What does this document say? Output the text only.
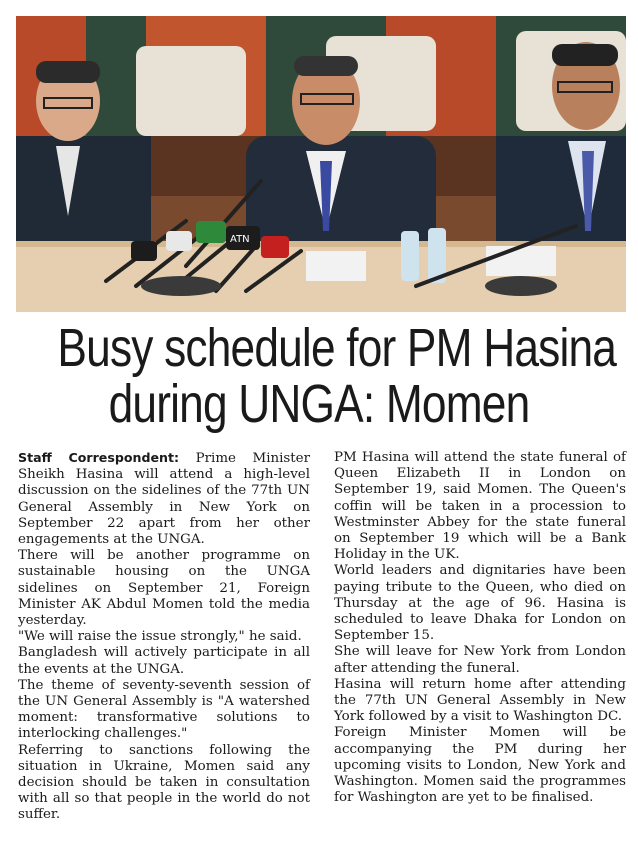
ATN
Busy schedule for PM Hasina
during UNGA: Momen

Staff Correspondent: Prime Minister Sheikh Hasina will attend a high-level discussion on the sidelines of the 77th UN General Assembly in New York on September 22 apart from her other engagements at the UNGA.

There will be another programme on sustainable housing on the UNGA sidelines on September 21, Foreign Minister AK Abdul Momen told the media yesterday.

"We will raise the issue strongly," he said.

Bangladesh will actively participate in all the events at the UNGA.

The theme of seventy-seventh session of the UN General Assembly is "A watershed moment: transformative solutions to interlocking challenges."

Referring to sanctions following the situation in Ukraine, Momen said any decision should be taken in consultation with all so that people in the world do not suffer.

PM Hasina will attend the state funeral of Queen Elizabeth II in London on September 19, said Momen. The Queen's coffin will be taken in a procession to Westminster Abbey for the state funeral on September 19 which will be a Bank Holiday in the UK.

World leaders and dignitaries have been paying tribute to the Queen, who died on Thursday at the age of 96. Hasina is scheduled to leave Dhaka for London on September 15.

She will leave for New York from London after attending the funeral.

Hasina will return home after attending the 77th UN General Assembly in New York followed by a visit to Washington DC.

Foreign Minister Momen will be accompanying the PM during her upcoming visits to London, New York and Washington. Momen said the programmes for Washington are yet to be finalised.
